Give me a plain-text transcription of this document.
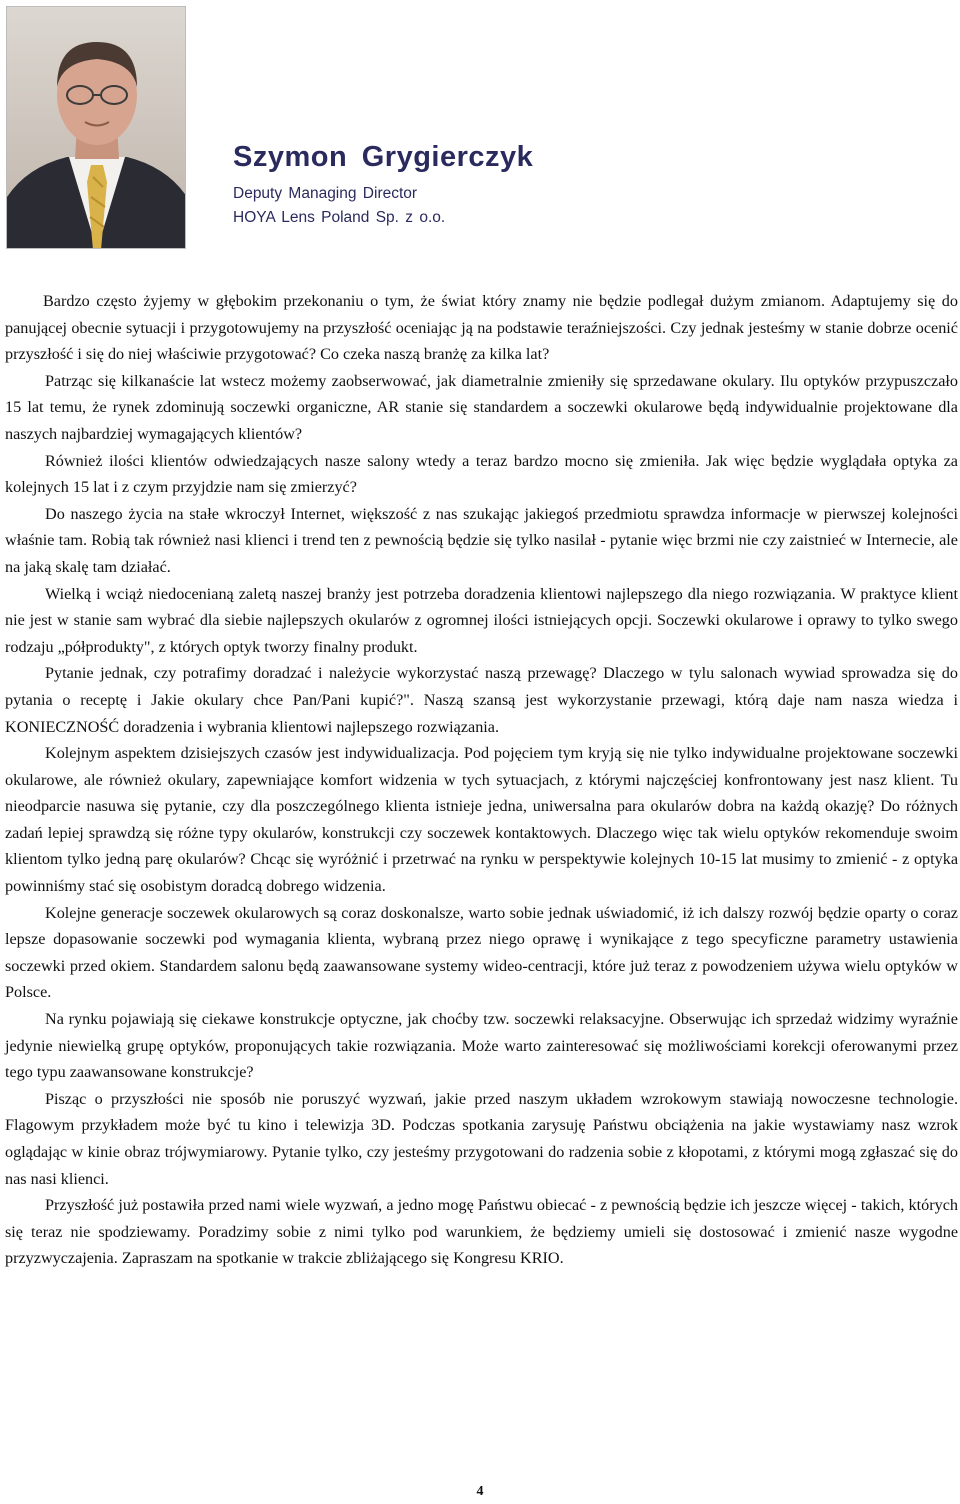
Szymon Grygierczyk
Deputy Managing Director
HOYA Lens Poland Sp. z o.o.

Bardzo często żyjemy w głębokim przekonaniu o tym, że świat który znamy nie będzie podlegał dużym zmianom. Adaptujemy się do panującej obecnie sytuacji i przygotowujemy na przyszłość oceniając ją na podstawie teraźniejszości. Czy jednak jesteśmy w stanie dobrze ocenić przyszłość i się do niej właściwie przygotować? Co czeka naszą branżę za kilka lat?

Patrząc się kilkanaście lat wstecz możemy zaobserwować, jak diametralnie zmieniły się sprzedawane okulary. Ilu optyków przypuszczało 15 lat temu, że rynek zdominują soczewki organiczne, AR stanie się standardem a soczewki okularowe będą indywidualnie projektowane dla naszych najbardziej wymagających klientów?

Również ilości klientów odwiedzających nasze salony wtedy a teraz bardzo mocno się zmieniła. Jak więc będzie wyglądała optyka za kolejnych 15 lat i z czym przyjdzie nam się zmierzyć?

Do naszego życia na stałe wkroczył Internet, większość z nas szukając jakiegoś przedmiotu sprawdza informacje w pierwszej kolejności właśnie tam. Robią tak również nasi klienci i trend ten z pewnością będzie się tylko nasilał - pytanie więc brzmi nie czy zaistnieć w Internecie, ale na jaką skalę tam działać.

Wielką i wciąż niedocenianą zaletą naszej branży jest potrzeba doradzenia klientowi najlepszego dla niego rozwiązania. W praktyce klient nie jest w stanie sam wybrać dla siebie najlepszych okularów z ogromnej ilości istniejących opcji. Soczewki okularowe i oprawy to tylko swego rodzaju „półprodukty", z których optyk tworzy finalny produkt.

Pytanie jednak, czy potrafimy doradzać i należycie wykorzystać naszą przewagę? Dlaczego w tylu salonach wywiad sprowadza się do pytania o receptę i Jakie okulary chce Pan/Pani kupić?". Naszą szansą jest wykorzystanie przewagi, którą daje nam nasza wiedza i KONIECZNOŚĆ doradzenia i wybrania klientowi najlepszego rozwiązania.

Kolejnym aspektem dzisiejszych czasów jest indywidualizacja. Pod pojęciem tym kryją się nie tylko indywidualne projektowane soczewki okularowe, ale również okulary, zapewniające komfort widzenia w tych sytuacjach, z którymi najczęściej konfrontowany jest nasz klient. Tu nieodparcie nasuwa się pytanie, czy dla poszczególnego klienta istnieje jedna, uniwersalna para okularów dobra na każdą okazję? Do różnych zadań lepiej sprawdzą się różne typy okularów, konstrukcji czy soczewek kontaktowych. Dlaczego więc tak wielu optyków rekomenduje swoim klientom tylko jedną parę okularów? Chcąc się wyróżnić i przetrwać na rynku w perspektywie kolejnych 10-15 lat musimy to zmienić - z optyka powinniśmy stać się osobistym doradcą dobrego widzenia.

Kolejne generacje soczewek okularowych są coraz doskonalsze, warto sobie jednak uświadomić, iż ich dalszy rozwój będzie oparty o coraz lepsze dopasowanie soczewki pod wymagania klienta, wybraną przez niego oprawę i wynikające z tego specyficzne parametry ustawienia soczewki przed okiem. Standardem salonu będą zaawansowane systemy wideo-centracji, które już teraz z powodzeniem używa wielu optyków w Polsce.

Na rynku pojawiają się ciekawe konstrukcje optyczne, jak choćby tzw. soczewki relaksacyjne. Obserwując ich sprzedaż widzimy wyraźnie jedynie niewielką grupę optyków, proponujących takie rozwiązania. Może warto zainteresować się możliwościami korekcji oferowanymi przez tego typu zaawansowane konstrukcje?

Pisząc o przyszłości nie sposób nie poruszyć wyzwań, jakie przed naszym układem wzrokowym stawiają nowoczesne technologie. Flagowym przykładem może być tu kino i telewizja 3D. Podczas spotkania zarysuję Państwu obciążenia na jakie wystawiamy nasz wzrok oglądając w kinie obraz trójwymiarowy. Pytanie tylko, czy jesteśmy przygotowani do radzenia sobie z kłopotami, z którymi mogą zgłaszać się do nas nasi klienci.

Przyszłość już postawiła przed nami wiele wyzwań, a jedno mogę Państwu obiecać - z pewnością będzie ich jeszcze więcej - takich, których się teraz nie spodziewamy. Poradzimy sobie z nimi tylko pod warunkiem, że będziemy umieli się dostosować i zmienić nasze wygodne przyzwyczajenia. Zapraszam na spotkanie w trakcie zbliżającego się Kongresu KRIO.

4
